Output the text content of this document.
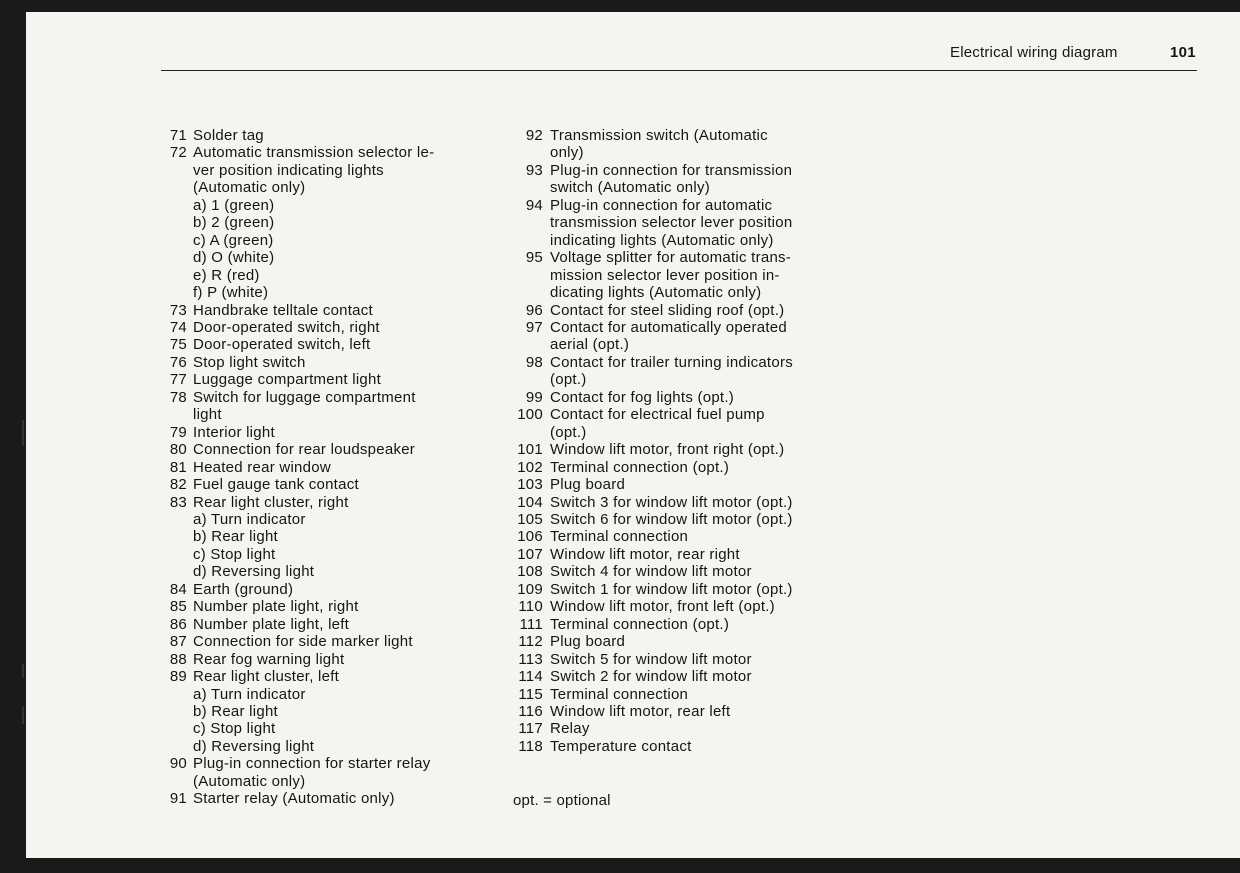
Electrical wiring diagram	101
71 Solder tag
72 Automatic transmission selector le-
ver position indicating lights
(Automatic only)
a) 1 (green)
b) 2 (green)
c) A (green)
d) O (white)
e) R (red)
f) P (white)
73 Handbrake telltale contact
74 Door-operated switch, right
75 Door-operated switch, left
76 Stop light switch
77 Luggage compartment light
78 Switch for luggage compartment
light
79 Interior light
80 Connection for rear loudspeaker
81 Heated rear window
82 Fuel gauge tank contact
83 Rear light cluster, right
a) Turn indicator
b) Rear light
c) Stop light
d) Reversing light
84 Earth (ground)
85 Number plate light, right
86 Number plate light, left
87 Connection for side marker light
88 Rear fog warning light
89 Rear light cluster, left
a) Turn indicator
b) Rear light
c) Stop light
d) Reversing light
90 Plug-in connection for starter relay
(Automatic only)
91 Starter relay (Automatic only)
92 Transmission switch (Automatic
only)
93 Plug-in connection for transmission
switch (Automatic only)
94 Plug-in connection for automatic
transmission selector lever position
indicating lights (Automatic only)
95 Voltage splitter for automatic trans-
mission selector lever position in-
dicating lights (Automatic only)
96 Contact for steel sliding roof (opt.)
97 Contact for automatically operated
aerial (opt.)
98 Contact for trailer turning indicators
(opt.)
99 Contact for fog lights (opt.)
100 Contact for electrical fuel pump
(opt.)
101 Window lift motor, front right (opt.)
102 Terminal connection (opt.)
103 Plug board
104 Switch 3 for window lift motor (opt.)
105 Switch 6 for window lift motor (opt.)
106 Terminal connection
107 Window lift motor, rear right
108 Switch 4 for window lift motor
109 Switch 1 for window lift motor (opt.)
110 Window lift motor, front left (opt.)
111 Terminal connection (opt.)
112 Plug board
113 Switch 5 for window lift motor
114 Switch 2 for window lift motor
115 Terminal connection
116 Window lift motor, rear left
117 Relay
118 Temperature contact
opt. = optional
